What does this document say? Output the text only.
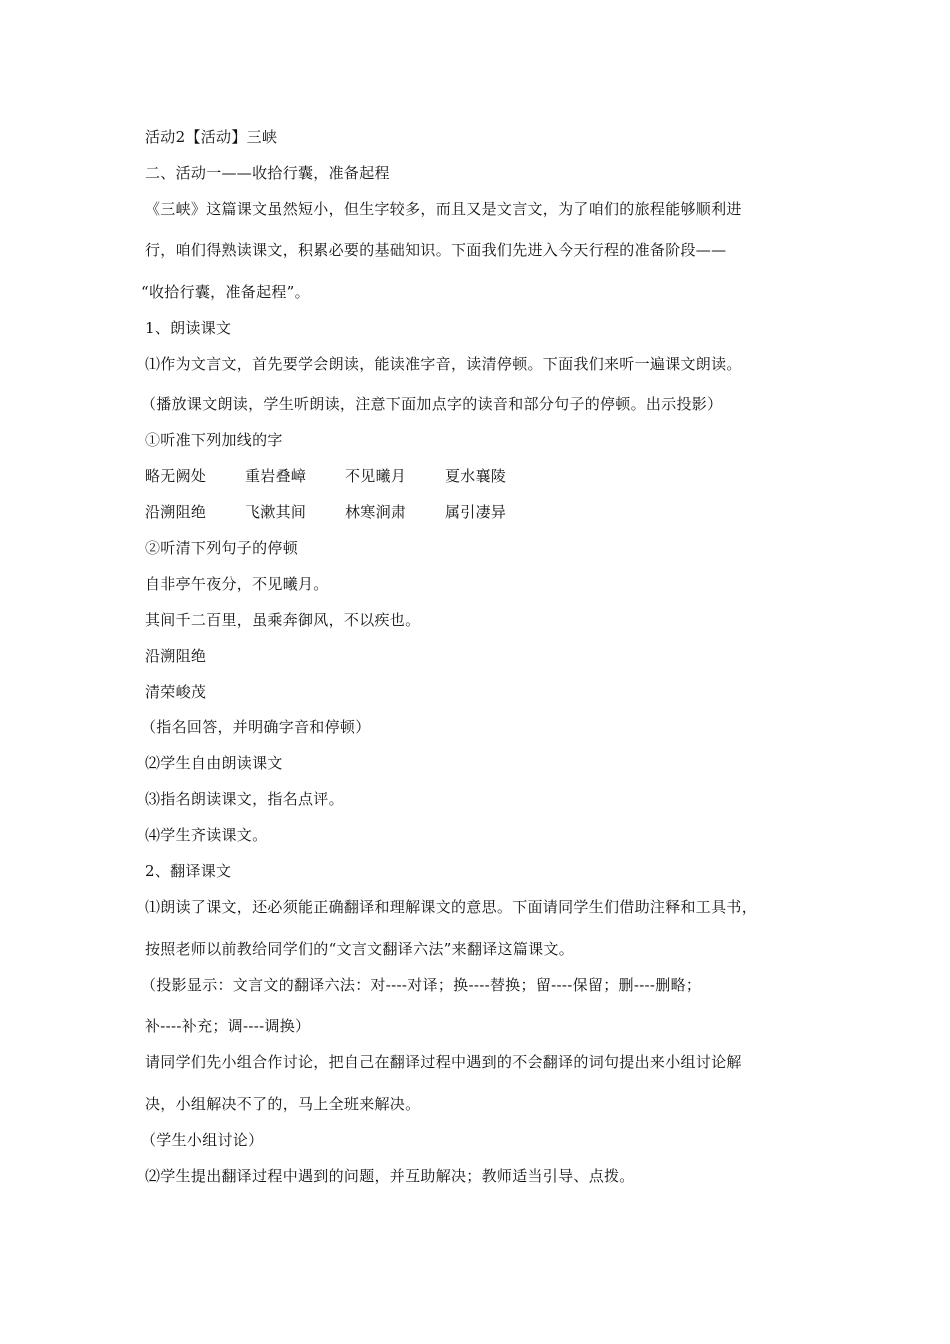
活动2【活动】三峡
二、活动一——收拾行囊，准备起程
《三峡》这篇课文虽然短小，但生字较多，而且又是文言文，为了咱们的旅程能够顺利进
行，咱们得熟读课文，积累必要的基础知识。下面我们先进入今天行程的准备阶段——
“收拾行囊，准备起程”。
1、朗读课文
⑴作为文言文，首先要学会朗读，能读准字音，读清停顿。下面我们来听一遍课文朗读。
（播放课文朗读，学生听朗读，注意下面加点字的读音和部分句子的停顿。出示投影）
①听准下列加线的字
略无阙处	重岩叠嶂	不见曦月	夏水襄陵
沿溯阻绝	飞漱其间	林寒涧肃	属引凄异
②听清下列句子的停顿
自非亭午夜分，不见曦月。
其间千二百里，虽乘奔御风，不以疾也。
沿溯阻绝
清荣峻茂
（指名回答，并明确字音和停顿）
⑵学生自由朗读课文
⑶指名朗读课文，指名点评。
⑷学生齐读课文。
2、翻译课文
⑴朗读了课文，还必须能正确翻译和理解课文的意思。下面请同学生们借助注释和工具书，
按照老师以前教给同学们的“文言文翻译六法”来翻译这篇课文。
（投影显示：文言文的翻译六法：对----对译；换----替换；留----保留；删----删略；
补----补充；调----调换）
请同学们先小组合作讨论，把自己在翻译过程中遇到的不会翻译的词句提出来小组讨论解
决，小组解决不了的，马上全班来解决。
（学生小组讨论）
⑵学生提出翻译过程中遇到的问题，并互助解决；教师适当引导、点拨。
